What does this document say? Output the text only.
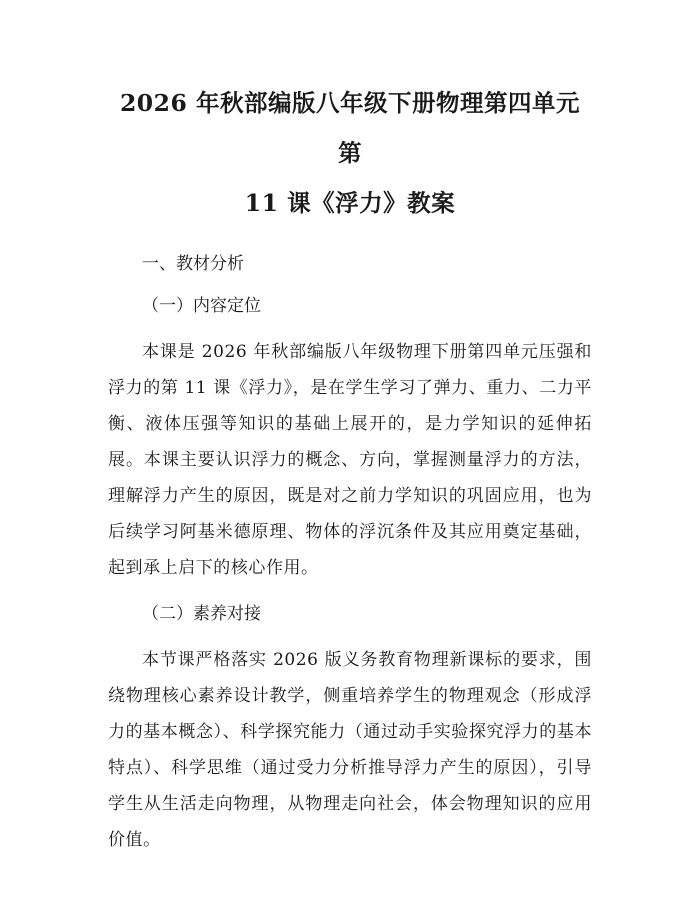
2026 年秋部编版八年级下册物理第四单元第
11 课《浮力》教案

一、教材分析

（一）内容定位

本课是 2026 年秋部编版八年级物理下册第四单元压强和浮力的第 11 课《浮力》，是在学生学习了弹力、重力、二力平衡、液体压强等知识的基础上展开的，是力学知识的延伸拓展。本课主要认识浮力的概念、方向，掌握测量浮力的方法，理解浮力产生的原因，既是对之前力学知识的巩固应用，也为后续学习阿基米德原理、物体的浮沉条件及其应用奠定基础，起到承上启下的核心作用。

（二）素养对接

本节课严格落实 2026 版义务教育物理新课标的要求，围绕物理核心素养设计教学，侧重培养学生的物理观念（形成浮力的基本概念）、科学探究能力（通过动手实验探究浮力的基本特点）、科学思维（通过受力分析推导浮力产生的原因），引导学生从生活走向物理，从物理走向社会，体会物理知识的应用价值。
